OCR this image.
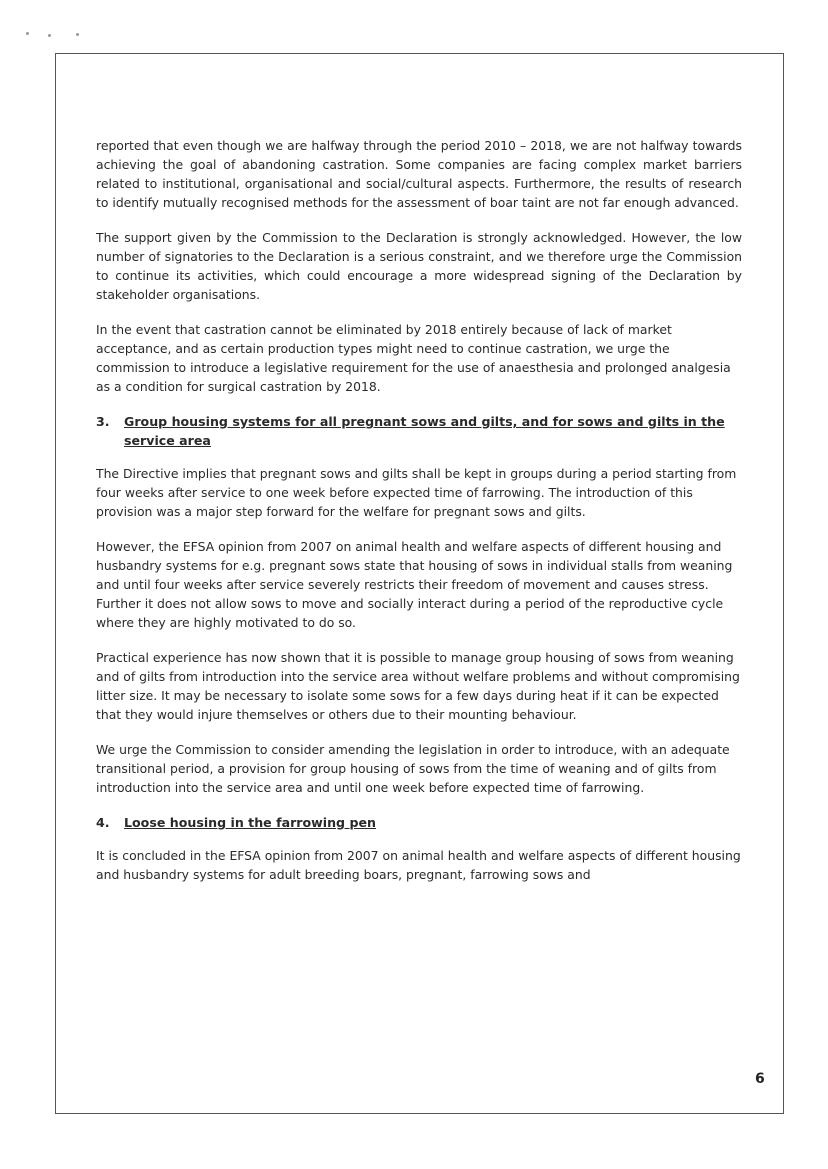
reported that even though we are halfway through the period 2010 – 2018, we are not halfway towards achieving the goal of abandoning castration. Some companies are facing complex market barriers related to institutional, organisational and social/cultural aspects. Furthermore, the results of research to identify mutually recognised methods for the assessment of boar taint are not far enough advanced.

The support given by the Commission to the Declaration is strongly acknowledged. However, the low number of signatories to the Declaration is a serious constraint, and we therefore urge the Commission to continue its activities, which could encourage a more widespread signing of the Declaration by stakeholder organisations.

In the event that castration cannot be eliminated by 2018 entirely because of lack of market acceptance, and as certain production types might need to continue castration, we urge the commission to introduce a legislative requirement for the use of anaesthesia and prolonged analgesia as a condition for surgical castration by 2018.

3.	Group housing systems for all pregnant sows and gilts, and for sows and gilts in the service area

The Directive implies that pregnant sows and gilts shall be kept in groups during a period starting from four weeks after service to one week before expected time of farrowing. The introduction of this provision was a major step forward for the welfare for pregnant sows and gilts.

However, the EFSA opinion from 2007 on animal health and welfare aspects of different housing and husbandry systems for e.g. pregnant sows state that housing of sows in individual stalls from weaning and until four weeks after service severely restricts their freedom of movement and causes stress. Further it does not allow sows to move and socially interact during a period of the reproductive cycle where they are highly motivated to do so.

Practical experience has now shown that it is possible to manage group housing of sows from weaning and of gilts from introduction into the service area without welfare problems and without compromising litter size. It may be necessary to isolate some sows for a few days during heat if it can be expected that they would injure themselves or others due to their mounting behaviour.

We urge the Commission to consider amending the legislation in order to introduce, with an adequate transitional period, a provision for group housing of sows from the time of weaning and of gilts from introduction into the service area and until one week before expected time of farrowing.

4.	Loose housing in the farrowing pen

It is concluded in the EFSA opinion from 2007 on animal health and welfare aspects of different housing and husbandry systems for adult breeding boars, pregnant, farrowing sows and

6
